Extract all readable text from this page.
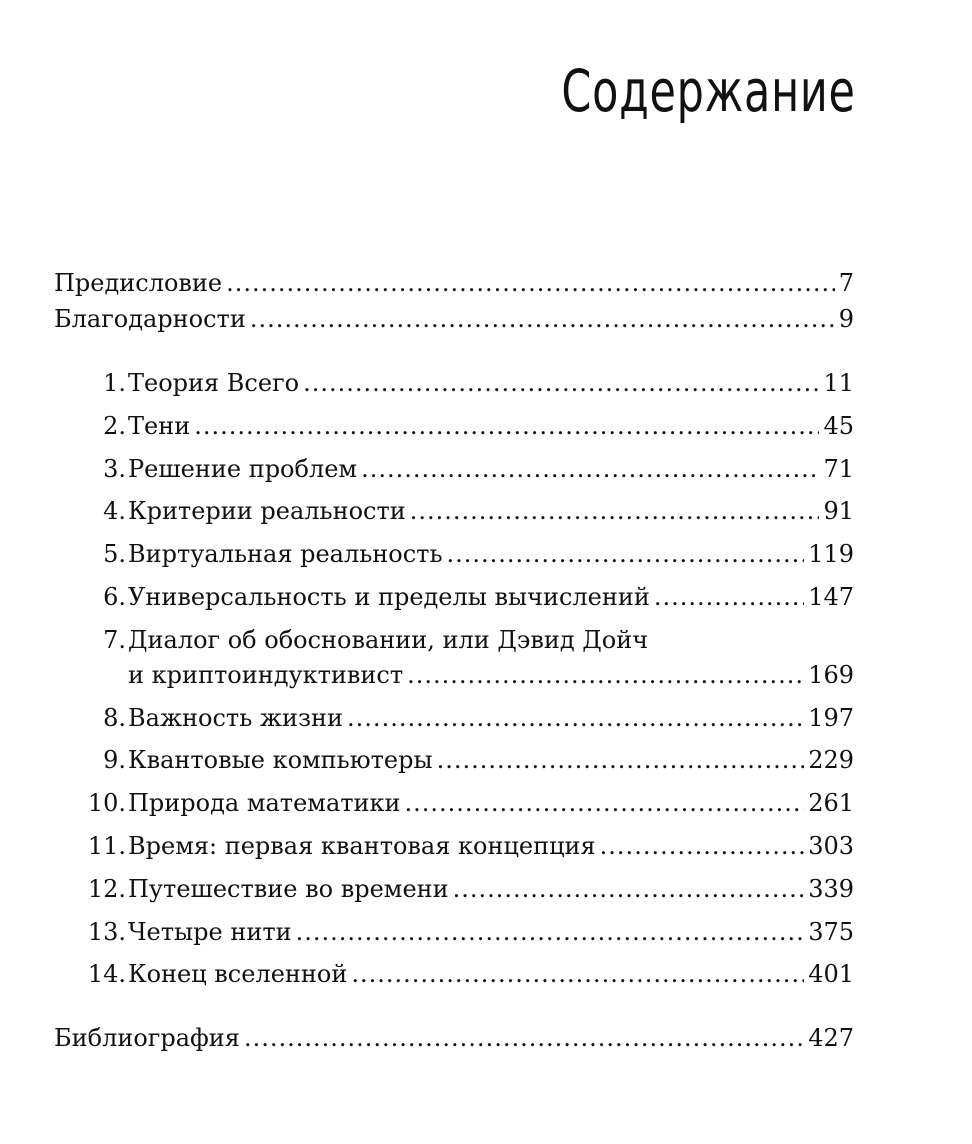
Содержание
Предисловие .....	7
Благодарности .....	9
1. Теория Всего .....	11
2. Тени .....	45
3. Решение проблем .....	71
4. Критерии реальности .....	91
5. Виртуальная реальность .....	119
6. Универсальность и пределы вычислений .....	147
7. Диалог об обосновании, или Дэвид Дойч
и криптоиндуктивист .....	169
8. Важность жизни .....	197
9. Квантовые компьютеры .....	229
10. Природа математики .....	261
11. Время: первая квантовая концепция .....	303
12. Путешествие во времени .....	339
13. Четыре нити .....	375
14. Конец вселенной .....	401
Библиография .....	427
